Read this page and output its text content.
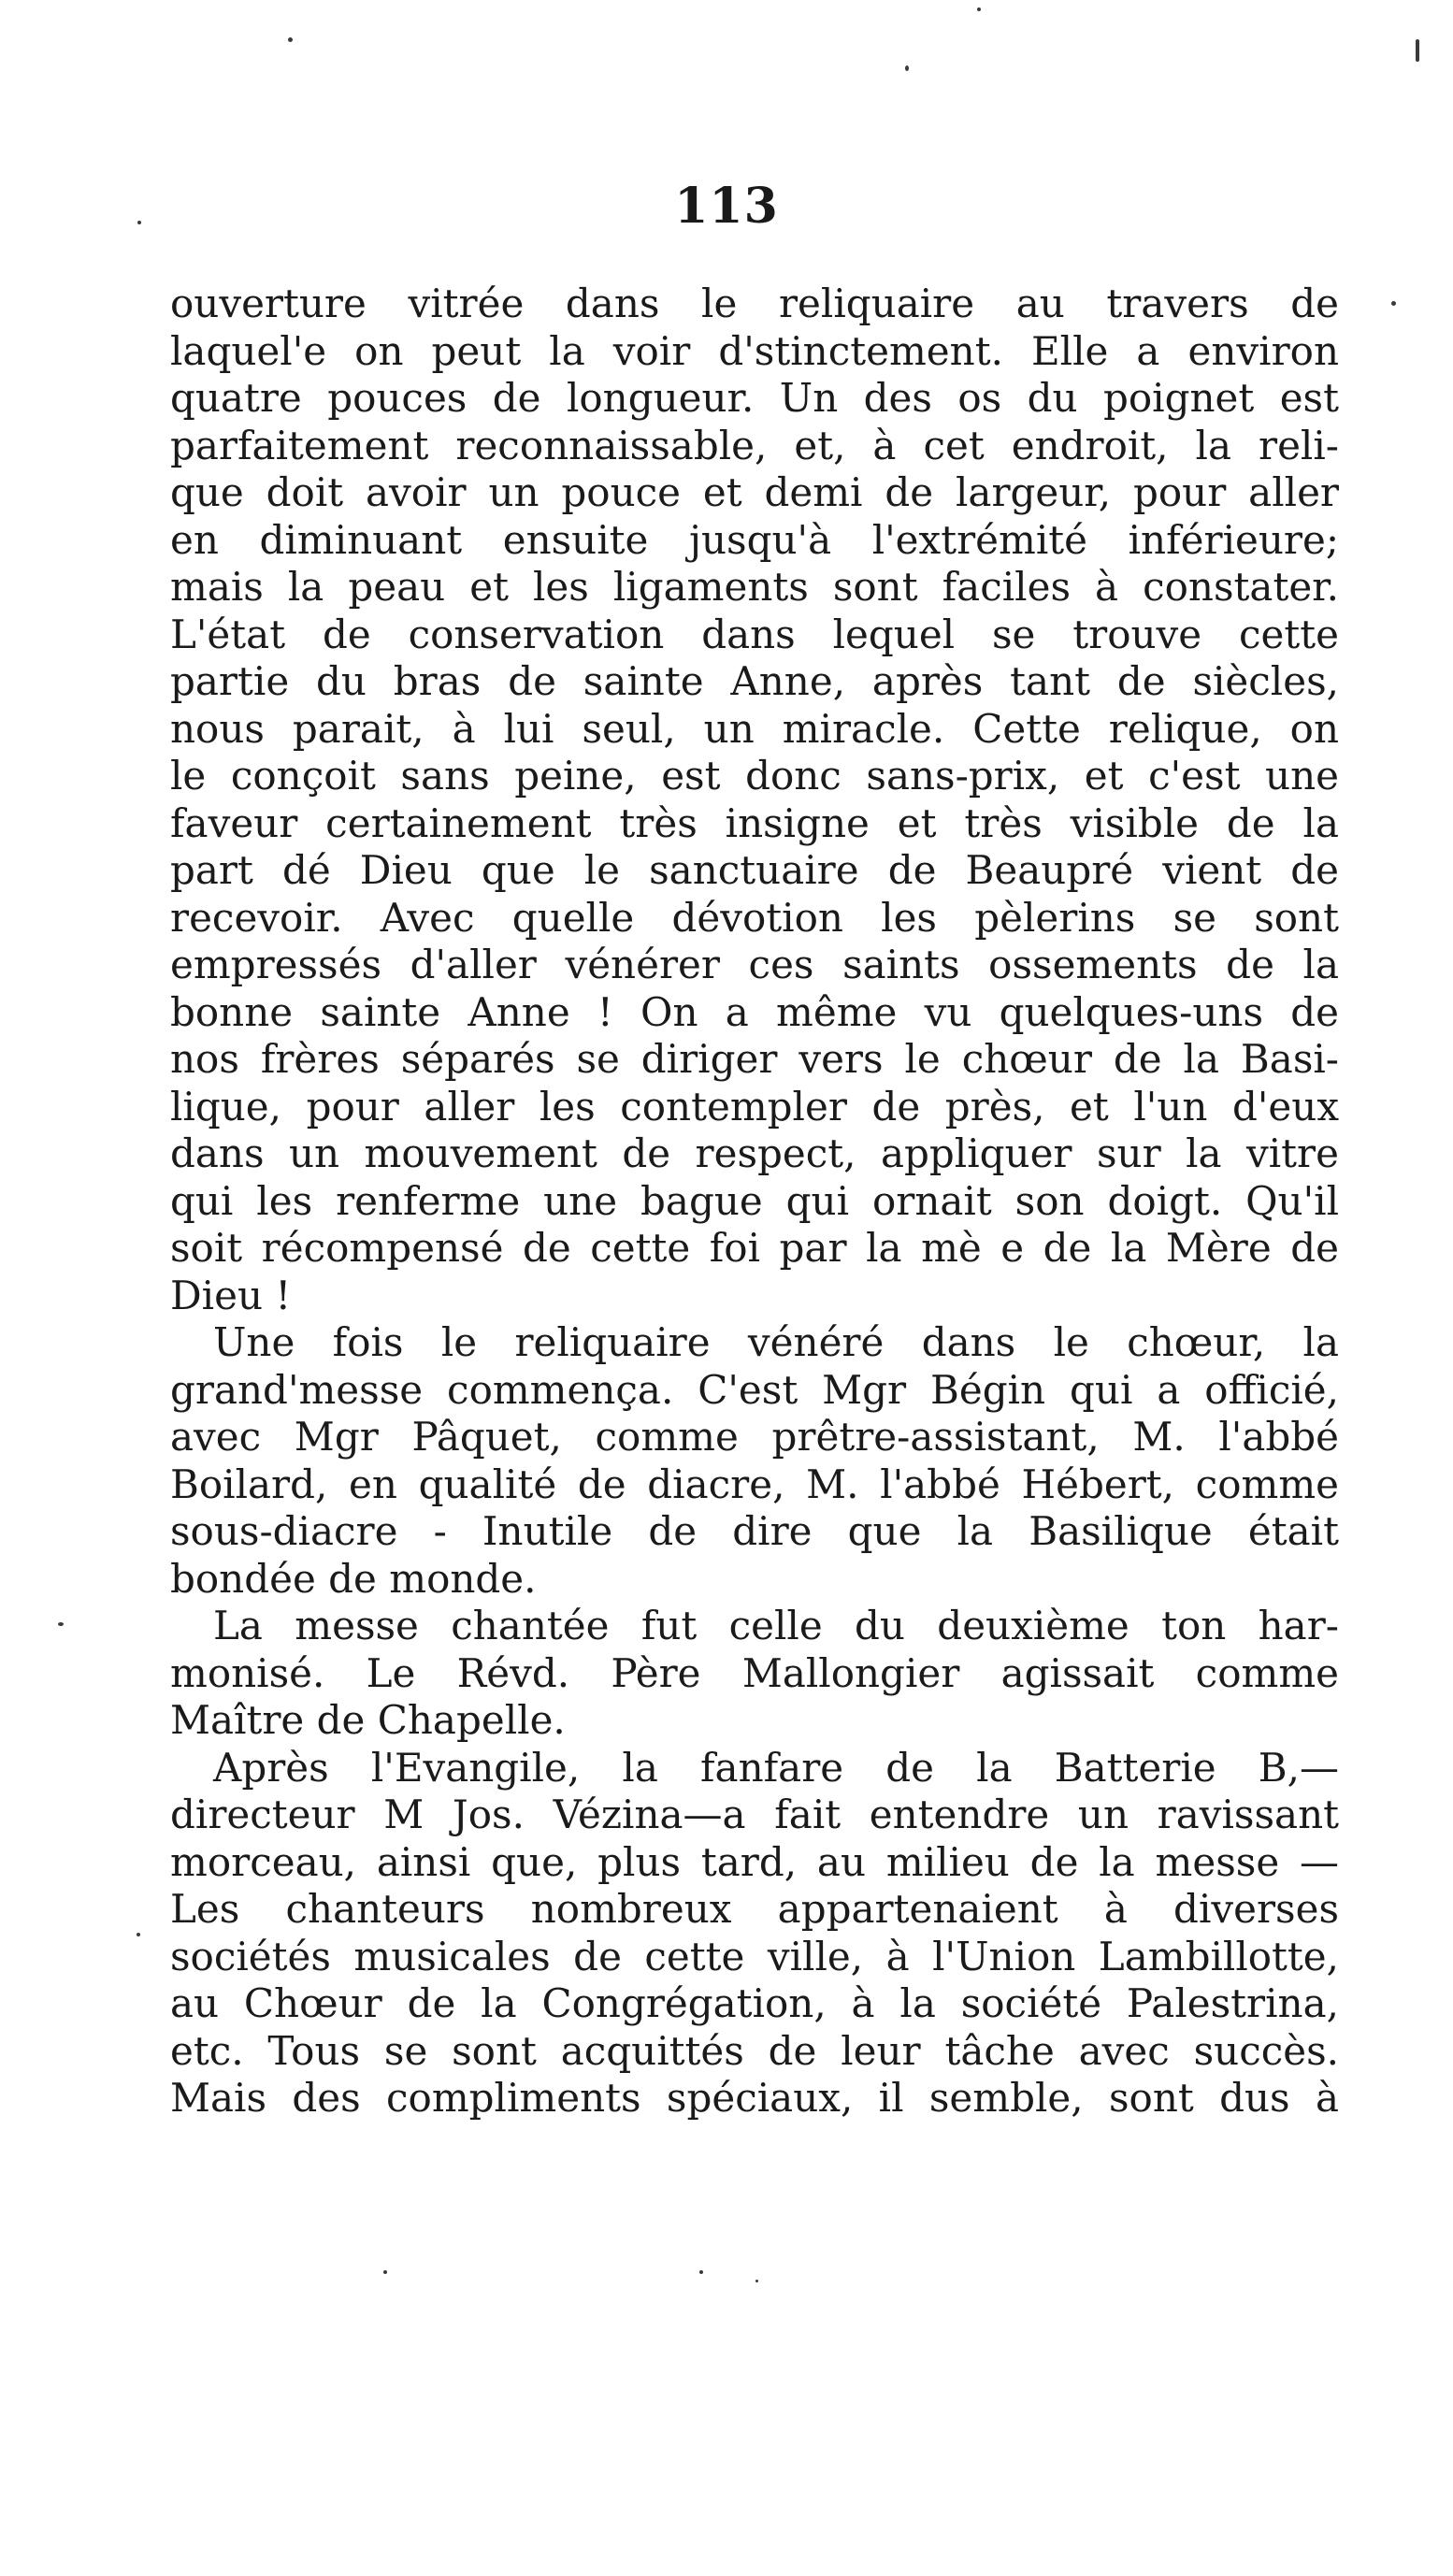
113
ouverture vitrée dans le reliquaire au travers de
laquel'e on peut la voir d'stinctement. Elle a environ
quatre pouces de longueur. Un des os du poignet est
parfaitement reconnaissable, et, à cet endroit, la reli-
que doit avoir un pouce et demi de largeur, pour aller
en diminuant ensuite jusqu'à l'extrémité inférieure;
mais la peau et les ligaments sont faciles à constater.
L'état de conservation dans lequel se trouve cette
partie du bras de sainte Anne, après tant de siècles,
nous parait, à lui seul, un miracle. Cette relique, on
le conçoit sans peine, est donc sans-prix, et c'est une
faveur certainement très insigne et très visible de la
part dé Dieu que le sanctuaire de Beaupré vient de
recevoir. Avec quelle dévotion les pèlerins se sont
empressés d'aller vénérer ces saints ossements de la
bonne sainte Anne ! On a même vu quelques-uns de
nos frères séparés se diriger vers le chœur de la Basi-
lique, pour aller les contempler de près, et l'un d'eux
dans un mouvement de respect, appliquer sur la vitre
qui les renferme une bague qui ornait son doigt. Qu'il
soit récompensé de cette foi par la mè e de la Mère de
Dieu !
Une fois le reliquaire vénéré dans le chœur, la
grand'messe commença. C'est Mgr Bégin qui a officié,
avec Mgr Pâquet, comme prêtre-assistant, M. l'abbé
Boilard, en qualité de diacre, M. l'abbé Hébert, comme
sous-diacre - Inutile de dire que la Basilique était
bondée de monde.
La messe chantée fut celle du deuxième ton har-
monisé. Le Révd. Père Mallongier agissait comme
Maître de Chapelle.
Après l'Evangile, la fanfare de la Batterie B,—
directeur M Jos. Vézina—a fait entendre un ravissant
morceau, ainsi que, plus tard, au milieu de la messe —
Les chanteurs nombreux appartenaient à diverses
sociétés musicales de cette ville, à l'Union Lambillotte,
au Chœur de la Congrégation, à la société Palestrina,
etc. Tous se sont acquittés de leur tâche avec succès.
Mais des compliments spéciaux, il semble, sont dus à
